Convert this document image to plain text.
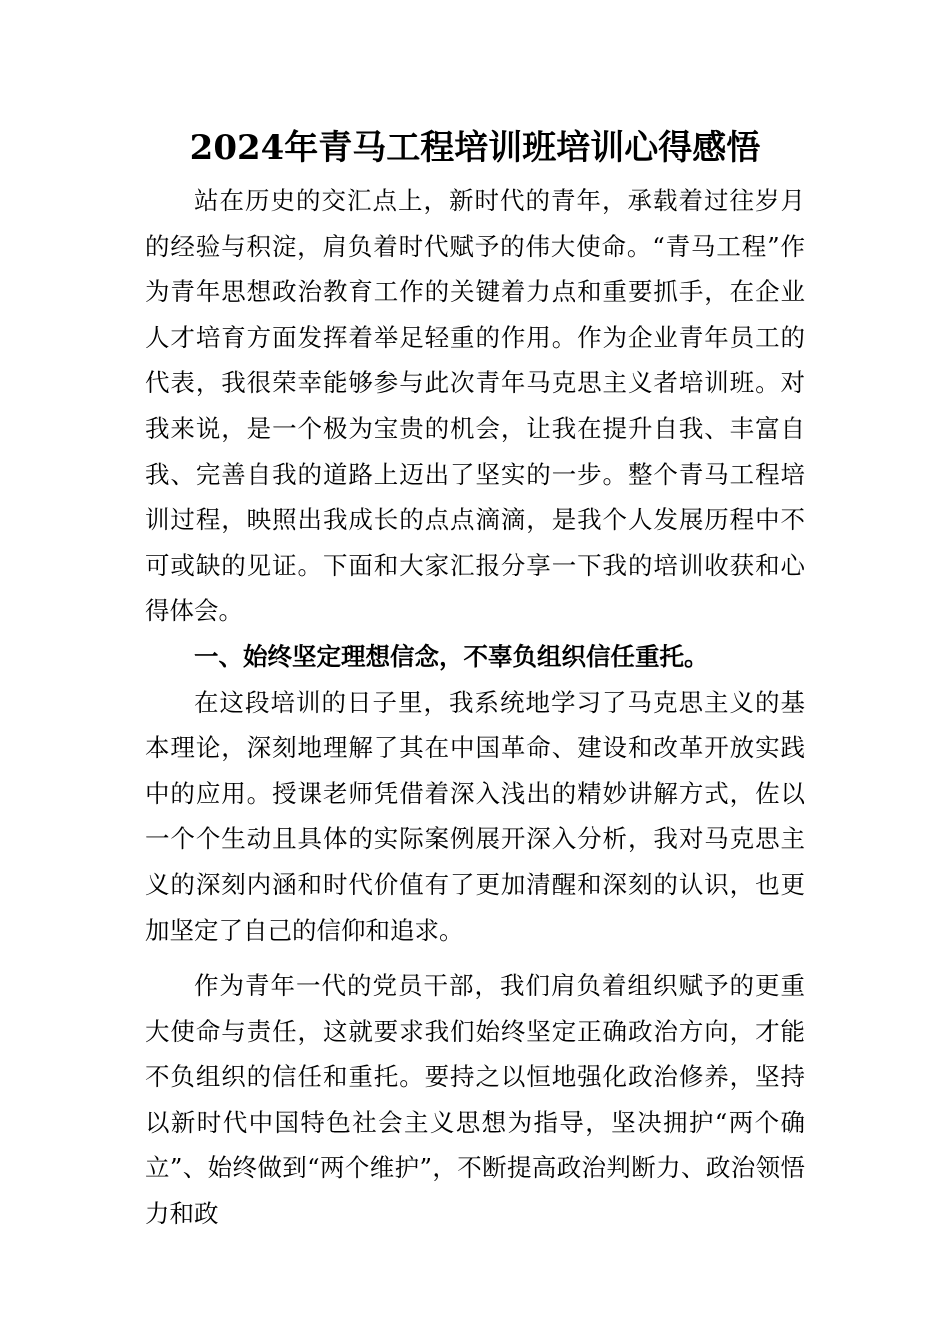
2024年青马工程培训班培训心得感悟

站在历史的交汇点上，新时代的青年，承载着过往岁月的经验与积淀，肩负着时代赋予的伟大使命。“青马工程”作为青年思想政治教育工作的关键着力点和重要抓手，在企业人才培育方面发挥着举足轻重的作用。作为企业青年员工的代表，我很荣幸能够参与此次青年马克思主义者培训班。对我来说，是一个极为宝贵的机会，让我在提升自我、丰富自我、完善自我的道路上迈出了坚实的一步。整个青马工程培训过程，映照出我成长的点点滴滴，是我个人发展历程中不可或缺的见证。下面和大家汇报分享一下我的培训收获和心得体会。

一、始终坚定理想信念，不辜负组织信任重托。

在这段培训的日子里，我系统地学习了马克思主义的基本理论，深刻地理解了其在中国革命、建设和改革开放实践中的应用。授课老师凭借着深入浅出的精妙讲解方式，佐以一个个生动且具体的实际案例展开深入分析，我对马克思主义的深刻内涵和时代价值有了更加清醒和深刻的认识，也更加坚定了自己的信仰和追求。

作为青年一代的党员干部，我们肩负着组织赋予的更重大使命与责任，这就要求我们始终坚定正确政治方向，才能不负组织的信任和重托。要持之以恒地强化政治修养，坚持以新时代中国特色社会主义思想为指导，坚决拥护“两个确立”、始终做到“两个维护”，不断提高政治判断力、政治领悟力和政
